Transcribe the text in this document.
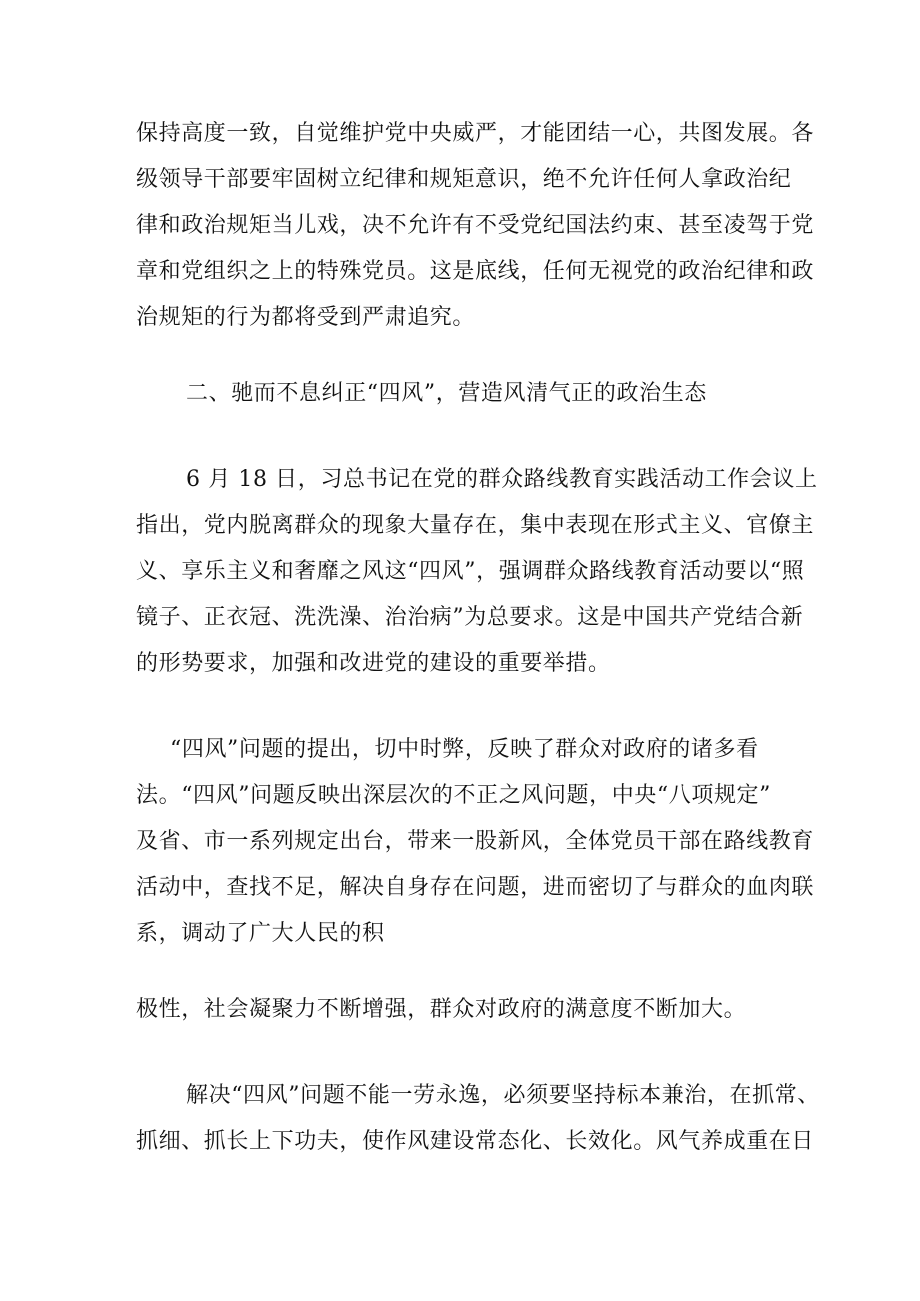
保持高度一致，自觉维护党中央威严，才能团结一心，共图发展。各
级领导干部要牢固树立纪律和规矩意识，绝不允许任何人拿政治纪
律和政治规矩当儿戏，决不允许有不受党纪国法约束、甚至凌驾于党
章和党组织之上的特殊党员。这是底线，任何无视党的政治纪律和政
治规矩的行为都将受到严肃追究。
二、驰而不息纠正“四风”，营造风清气正的政治生态
6 月 18 日，习总书记在党的群众路线教育实践活动工作会议上
指出，党内脱离群众的现象大量存在，集中表现在形式主义、官僚主
义、享乐主义和奢靡之风这“四风”，强调群众路线教育活动要以“照
镜子、正衣冠、洗洗澡、治治病”为总要求。这是中国共产党结合新
的形势要求，加强和改进党的建设的重要举措。
“四风”问题的提出，切中时弊，反映了群众对政府的诸多看
法。“四风”问题反映出深层次的不正之风问题，中央“八项规定”
及省、市一系列规定出台，带来一股新风，全体党员干部在路线教育
活动中，查找不足，解决自身存在问题，进而密切了与群众的血肉联
系，调动了广大人民的积
极性，社会凝聚力不断增强，群众对政府的满意度不断加大。
解决“四风”问题不能一劳永逸，必须要坚持标本兼治，在抓常、
抓细、抓长上下功夫，使作风建设常态化、长效化。风气养成重在日
